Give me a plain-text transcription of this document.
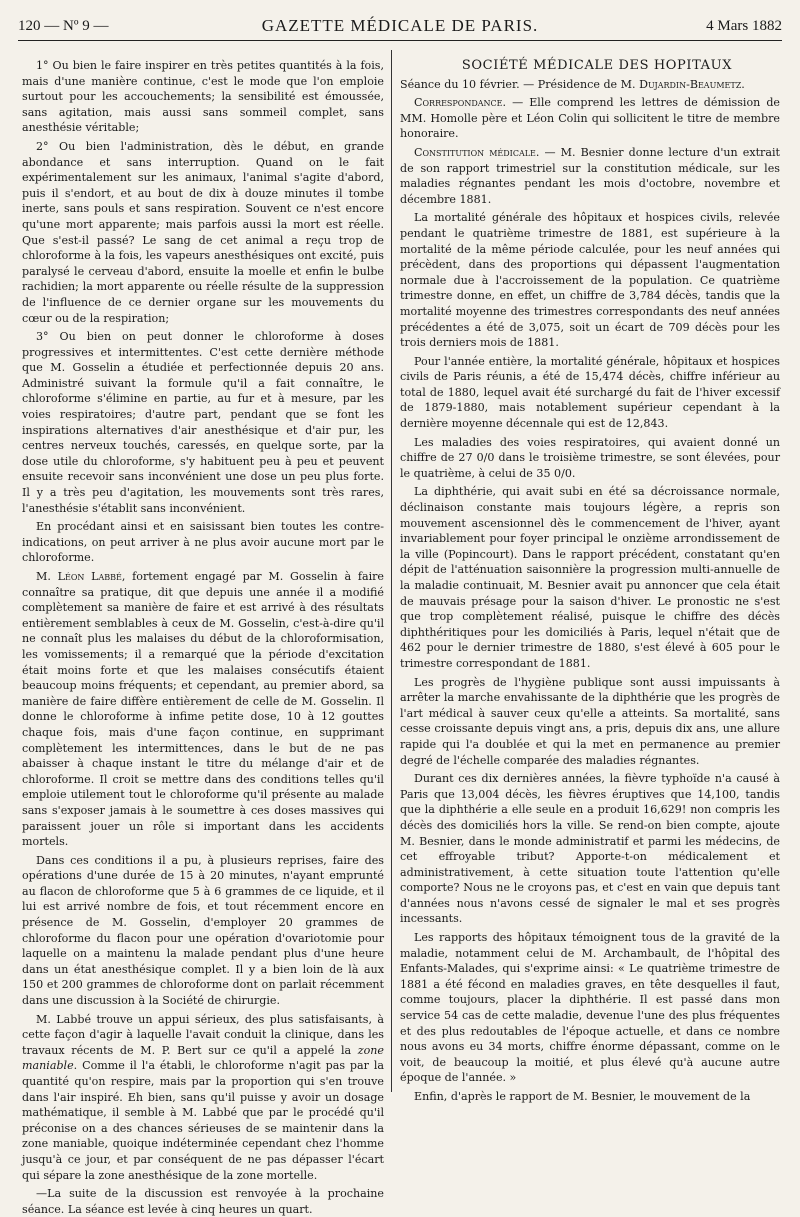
120 — Nº 9 —	GAZETTE MÉDICALE DE PARIS.	4 Mars 1882

1° Ou bien le faire inspirer en très petites quantités à la fois, mais d'une manière continue, c'est le mode que l'on emploie surtout pour les accouchements; la sensibilité est émoussée, sans agitation, mais aussi sans sommeil complet, sans anesthésie véritable;

2° Ou bien l'administration, dès le début, en grande abondance et sans interruption. Quand on le fait expérimentalement sur les animaux, l'animal s'agite d'abord, puis il s'endort, et au bout de dix à douze minutes il tombe inerte, sans pouls et sans respiration. Souvent ce n'est encore qu'une mort apparente; mais parfois aussi la mort est réelle. Que s'est-il passé? Le sang de cet animal a reçu trop de chloroforme à la fois, les vapeurs anesthésiques ont excité, puis paralysé le cerveau d'abord, ensuite la moelle et enfin le bulbe rachidien; la mort apparente ou réelle résulte de la suppression de l'influence de ce dernier organe sur les mouvements du cœur ou de la respiration;

3° Ou bien on peut donner le chloroforme à doses progressives et intermittentes. C'est cette dernière méthode que M. Gosselin a étudiée et perfectionnée depuis 20 ans. Administré suivant la formule qu'il a fait connaître, le chloroforme s'élimine en partie, au fur et à mesure, par les voies respiratoires; d'autre part, pendant que se font les inspirations alternatives d'air anesthésique et d'air pur, les centres nerveux touchés, caressés, en quelque sorte, par la dose utile du chloroforme, s'y habituent peu à peu et peuvent ensuite recevoir sans inconvénient une dose un peu plus forte. Il y a très peu d'agitation, les mouvements sont très rares, l'anesthésie s'établit sans inconvénient.

En procédant ainsi et en saisissant bien toutes les contre-indications, on peut arriver à ne plus avoir aucune mort par le chloroforme.

M. Léon Labbé, fortement engagé par M. Gosselin à faire connaître sa pratique, dit que depuis une année il a modifié complètement sa manière de faire et est arrivé à des résultats entièrement semblables à ceux de M. Gosselin, c'est-à-dire qu'il ne connaît plus les malaises du début de la chloroformisation, les vomissements; il a remarqué que la période d'excitation était moins forte et que les malaises consécutifs étaient beaucoup moins fréquents; et cependant, au premier abord, sa manière de faire diffère entièrement de celle de M. Gosselin. Il donne le chloroforme à infime petite dose, 10 à 12 gouttes chaque fois, mais d'une façon continue, en supprimant complètement les intermittences, dans le but de ne pas abaisser à chaque instant le titre du mélange d'air et de chloroforme. Il croit se mettre dans des conditions telles qu'il emploie utilement tout le chloroforme qu'il présente au malade sans s'exposer jamais à le soumettre à ces doses massives qui paraissent jouer un rôle si important dans les accidents mortels.

Dans ces conditions il a pu, à plusieurs reprises, faire des opérations d'une durée de 15 à 20 minutes, n'ayant emprunté au flacon de chloroforme que 5 à 6 grammes de ce liquide, et il lui est arrivé nombre de fois, et tout récemment encore en présence de M. Gosselin, d'employer 20 grammes de chloroforme du flacon pour une opération d'ovariotomie pour laquelle on a maintenu la malade pendant plus d'une heure dans un état anesthésique complet. Il y a bien loin de là aux 150 et 200 grammes de chloroforme dont on parlait récemment dans une discussion à la Société de chirurgie.

M. Labbé trouve un appui sérieux, des plus satisfaisants, à cette façon d'agir à laquelle l'avait conduit la clinique, dans les travaux récents de M. P. Bert sur ce qu'il a appelé la zone maniable. Comme il l'a établi, le chloroforme n'agit pas par la quantité qu'on respire, mais par la proportion qui s'en trouve dans l'air inspiré. Eh bien, sans qu'il puisse y avoir un dosage mathématique, il semble à M. Labbé que par le procédé qu'il préconise on a des chances sérieuses de se maintenir dans la zone maniable, quoique indéterminée cependant chez l'homme jusqu'à ce jour, et par conséquent de ne pas dépasser l'écart qui sépare la zone anesthésique de la zone mortelle.

—La suite de la discussion est renvoyée à la prochaine séance. La séance est levée à cinq heures un quart.

SOCIÉTÉ MÉDICALE DES HOPITAUX

Séance du 10 février. — Présidence de M. Dujardin-Beaumetz.

Correspondance. — Elle comprend les lettres de démission de MM. Homolle père et Léon Colin qui sollicitent le titre de membre honoraire.

Constitution médicale. — M. Besnier donne lecture d'un extrait de son rapport trimestriel sur la constitution médicale, sur les maladies régnantes pendant les mois d'octobre, novembre et décembre 1881.

La mortalité générale des hôpitaux et hospices civils, relevée pendant le quatrième trimestre de 1881, est supérieure à la mortalité de la même période calculée, pour les neuf années qui précèdent, dans des proportions qui dépassent l'augmentation normale due à l'accroissement de la population. Ce quatrième trimestre donne, en effet, un chiffre de 3,784 décès, tandis que la mortalité moyenne des trimestres correspondants des neuf années précédentes a été de 3,075, soit un écart de 709 décès pour les trois derniers mois de 1881.

Pour l'année entière, la mortalité générale, hôpitaux et hospices civils de Paris réunis, a été de 15,474 décès, chiffre inférieur au total de 1880, lequel avait été surchargé du fait de l'hiver excessif de 1879-1880, mais notablement supérieur cependant à la dernière moyenne décennale qui est de 12,843.

Les maladies des voies respiratoires, qui avaient donné un chiffre de 27 0/0 dans le troisième trimestre, se sont élevées, pour le quatrième, à celui de 35 0/0.

La diphthérie, qui avait subi en été sa décroissance normale, déclinaison constante mais toujours légère, a repris son mouvement ascensionnel dès le commencement de l'hiver, ayant invariablement pour foyer principal le onzième arrondissement de la ville (Popincourt). Dans le rapport précédent, constatant qu'en dépit de l'atténuation saisonnière la progression multi-annuelle de la maladie continuait, M. Besnier avait pu annoncer que cela était de mauvais présage pour la saison d'hiver. Le pronostic ne s'est que trop complètement réalisé, puisque le chiffre des décès diphthéritiques pour les domiciliés à Paris, lequel n'était que de 462 pour le dernier trimestre de 1880, s'est élevé à 605 pour le trimestre correspondant de 1881.

Les progrès de l'hygiène publique sont aussi impuissants à arrêter la marche envahissante de la diphthérie que les progrès de l'art médical à sauver ceux qu'elle a atteints. Sa mortalité, sans cesse croissante depuis vingt ans, a pris, depuis dix ans, une allure rapide qui l'a doublée et qui la met en permanence au premier degré de l'échelle comparée des maladies régnantes.

Durant ces dix dernières années, la fièvre typhoïde n'a causé à Paris que 13,004 décès, les fièvres éruptives que 14,100, tandis que la diphthérie a elle seule en a produit 16,629! non compris les décès des domiciliés hors la ville. Se rend-on bien compte, ajoute M. Besnier, dans le monde administratif et parmi les médecins, de cet effroyable tribut? Apporte-t-on médicalement et administrativement, à cette situation toute l'attention qu'elle comporte? Nous ne le croyons pas, et c'est en vain que depuis tant d'années nous n'avons cessé de signaler le mal et ses progrès incessants.

Les rapports des hôpitaux témoignent tous de la gravité de la maladie, notamment celui de M. Archambault, de l'hôpital des Enfants-Malades, qui s'exprime ainsi: « Le quatrième trimestre de 1881 a été fécond en maladies graves, en tête desquelles il faut, comme toujours, placer la diphthérie. Il est passé dans mon service 54 cas de cette maladie, devenue l'une des plus fréquentes et des plus redoutables de l'époque actuelle, et dans ce nombre nous avons eu 34 morts, chiffre énorme dépassant, comme on le voit, de beaucoup la moitié, et plus élevé qu'à aucune autre époque de l'année. »

Enfin, d'après le rapport de M. Besnier, le mouvement de la
